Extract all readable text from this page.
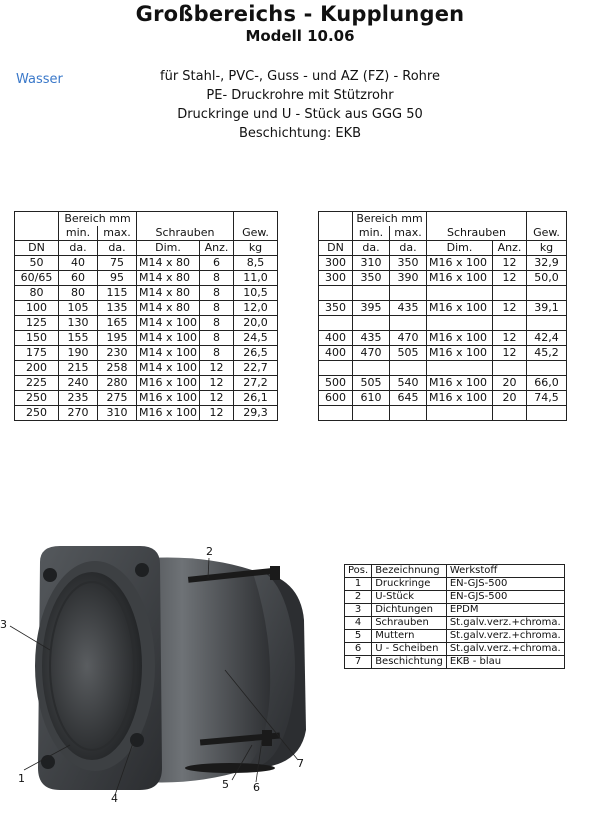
Großbereichs - Kupplungen
Modell 10.06
Wasser	für Stahl-, PVC-, Guss - und AZ (FZ) - Rohre
PE- Druckrohre mit Stützrohr
Druckringe und U - Stück aus GGG 50
Beschichtung: EKB
	Bereich mm				
	min.	max.	Schrauben		Gew.
DN	da.	da.	Dim.	Anz.	kg
50	40	75	M14 x 80	6	8,5
60/65	60	95	M14 x 80	8	11,0
80	80	115	M14 x 80	8	10,5
100	105	135	M14 x 80	8	12,0
125	130	165	M14 x 100	8	20,0
150	155	195	M14 x 100	8	24,5
175	190	230	M14 x 100	8	26,5
200	215	258	M14 x 100	12	22,7
225	240	280	M16 x 100	12	27,2
250	235	275	M16 x 100	12	26,1
250	270	310	M16 x 100	12	29,3
	Bereich mm				
	min.	max.	Schrauben		Gew.
DN	da.	da.	Dim.	Anz.	kg
300	310	350	M16 x 100	12	32,9
300	350	390	M16 x 100	12	50,0

350	395	435	M16 x 100	12	39,1

400	435	470	M16 x 100	12	42,4
400	470	505	M16 x 100	12	45,2

500	505	540	M16 x 100	20	66,0
600	610	645	M16 x 100	20	74,5

Pos.	Bezeichnung	Werkstoff
1	Druckringe	EN-GJS-500
2	U-Stück	EN-GJS-500
3	Dichtungen	EPDM
4	Schrauben	St.galv.verz.+chroma.
5	Muttern	St.galv.verz.+chroma.
6	U - Scheiben	St.galv.verz.+chroma.
7	Beschichtung	EKB - blau
2
3
1
4
5 6
7
